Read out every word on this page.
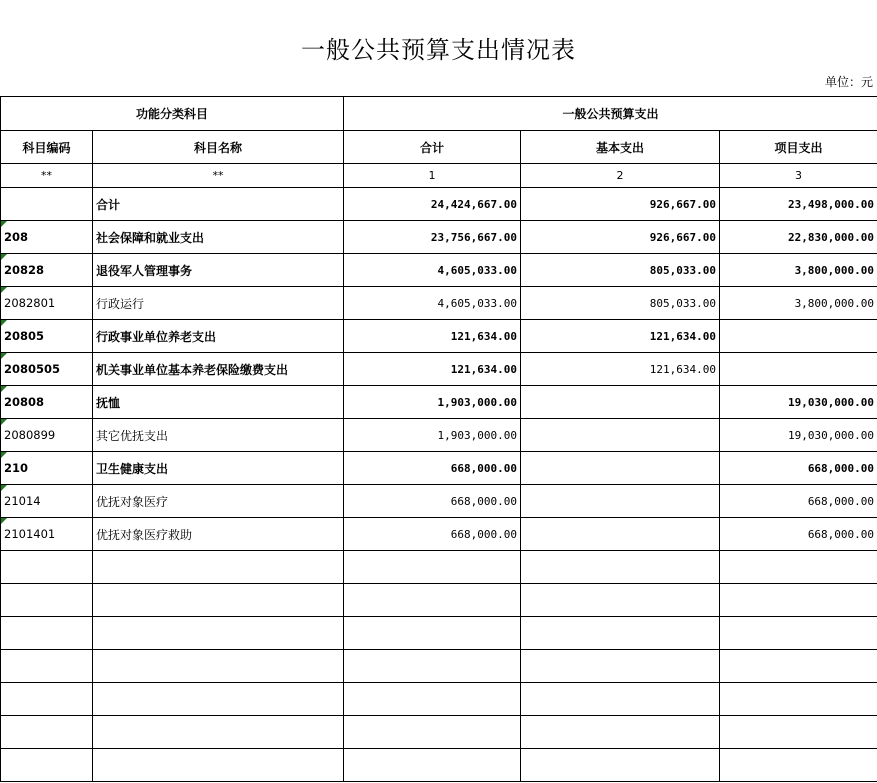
一般公共预算支出情况表
单位：元
功能分类科目		一般公共预算支出		
科目编码	科目名称	合计	基本支出	项目支出
**	**	1	2	3
	合计	24,424,667.00	926,667.00	23,498,000.00
208	社会保障和就业支出	23,756,667.00	926,667.00	22,830,000.00
20828	退役军人管理事务	4,605,033.00	805,033.00	3,800,000.00
2082801	行政运行	4,605,033.00	805,033.00	3,800,000.00
20805	行政事业单位养老支出	121,634.00	121,634.00	
2080505	机关事业单位基本养老保险缴费支出	121,634.00	121,634.00	
20808	抚恤	1,903,000.00		19,030,000.00
2080899	其它优抚支出	1,903,000.00		19,030,000.00
210	卫生健康支出	668,000.00		668,000.00
21014	优抚对象医疗	668,000.00		668,000.00
2101401	优抚对象医疗救助	668,000.00		668,000.00
